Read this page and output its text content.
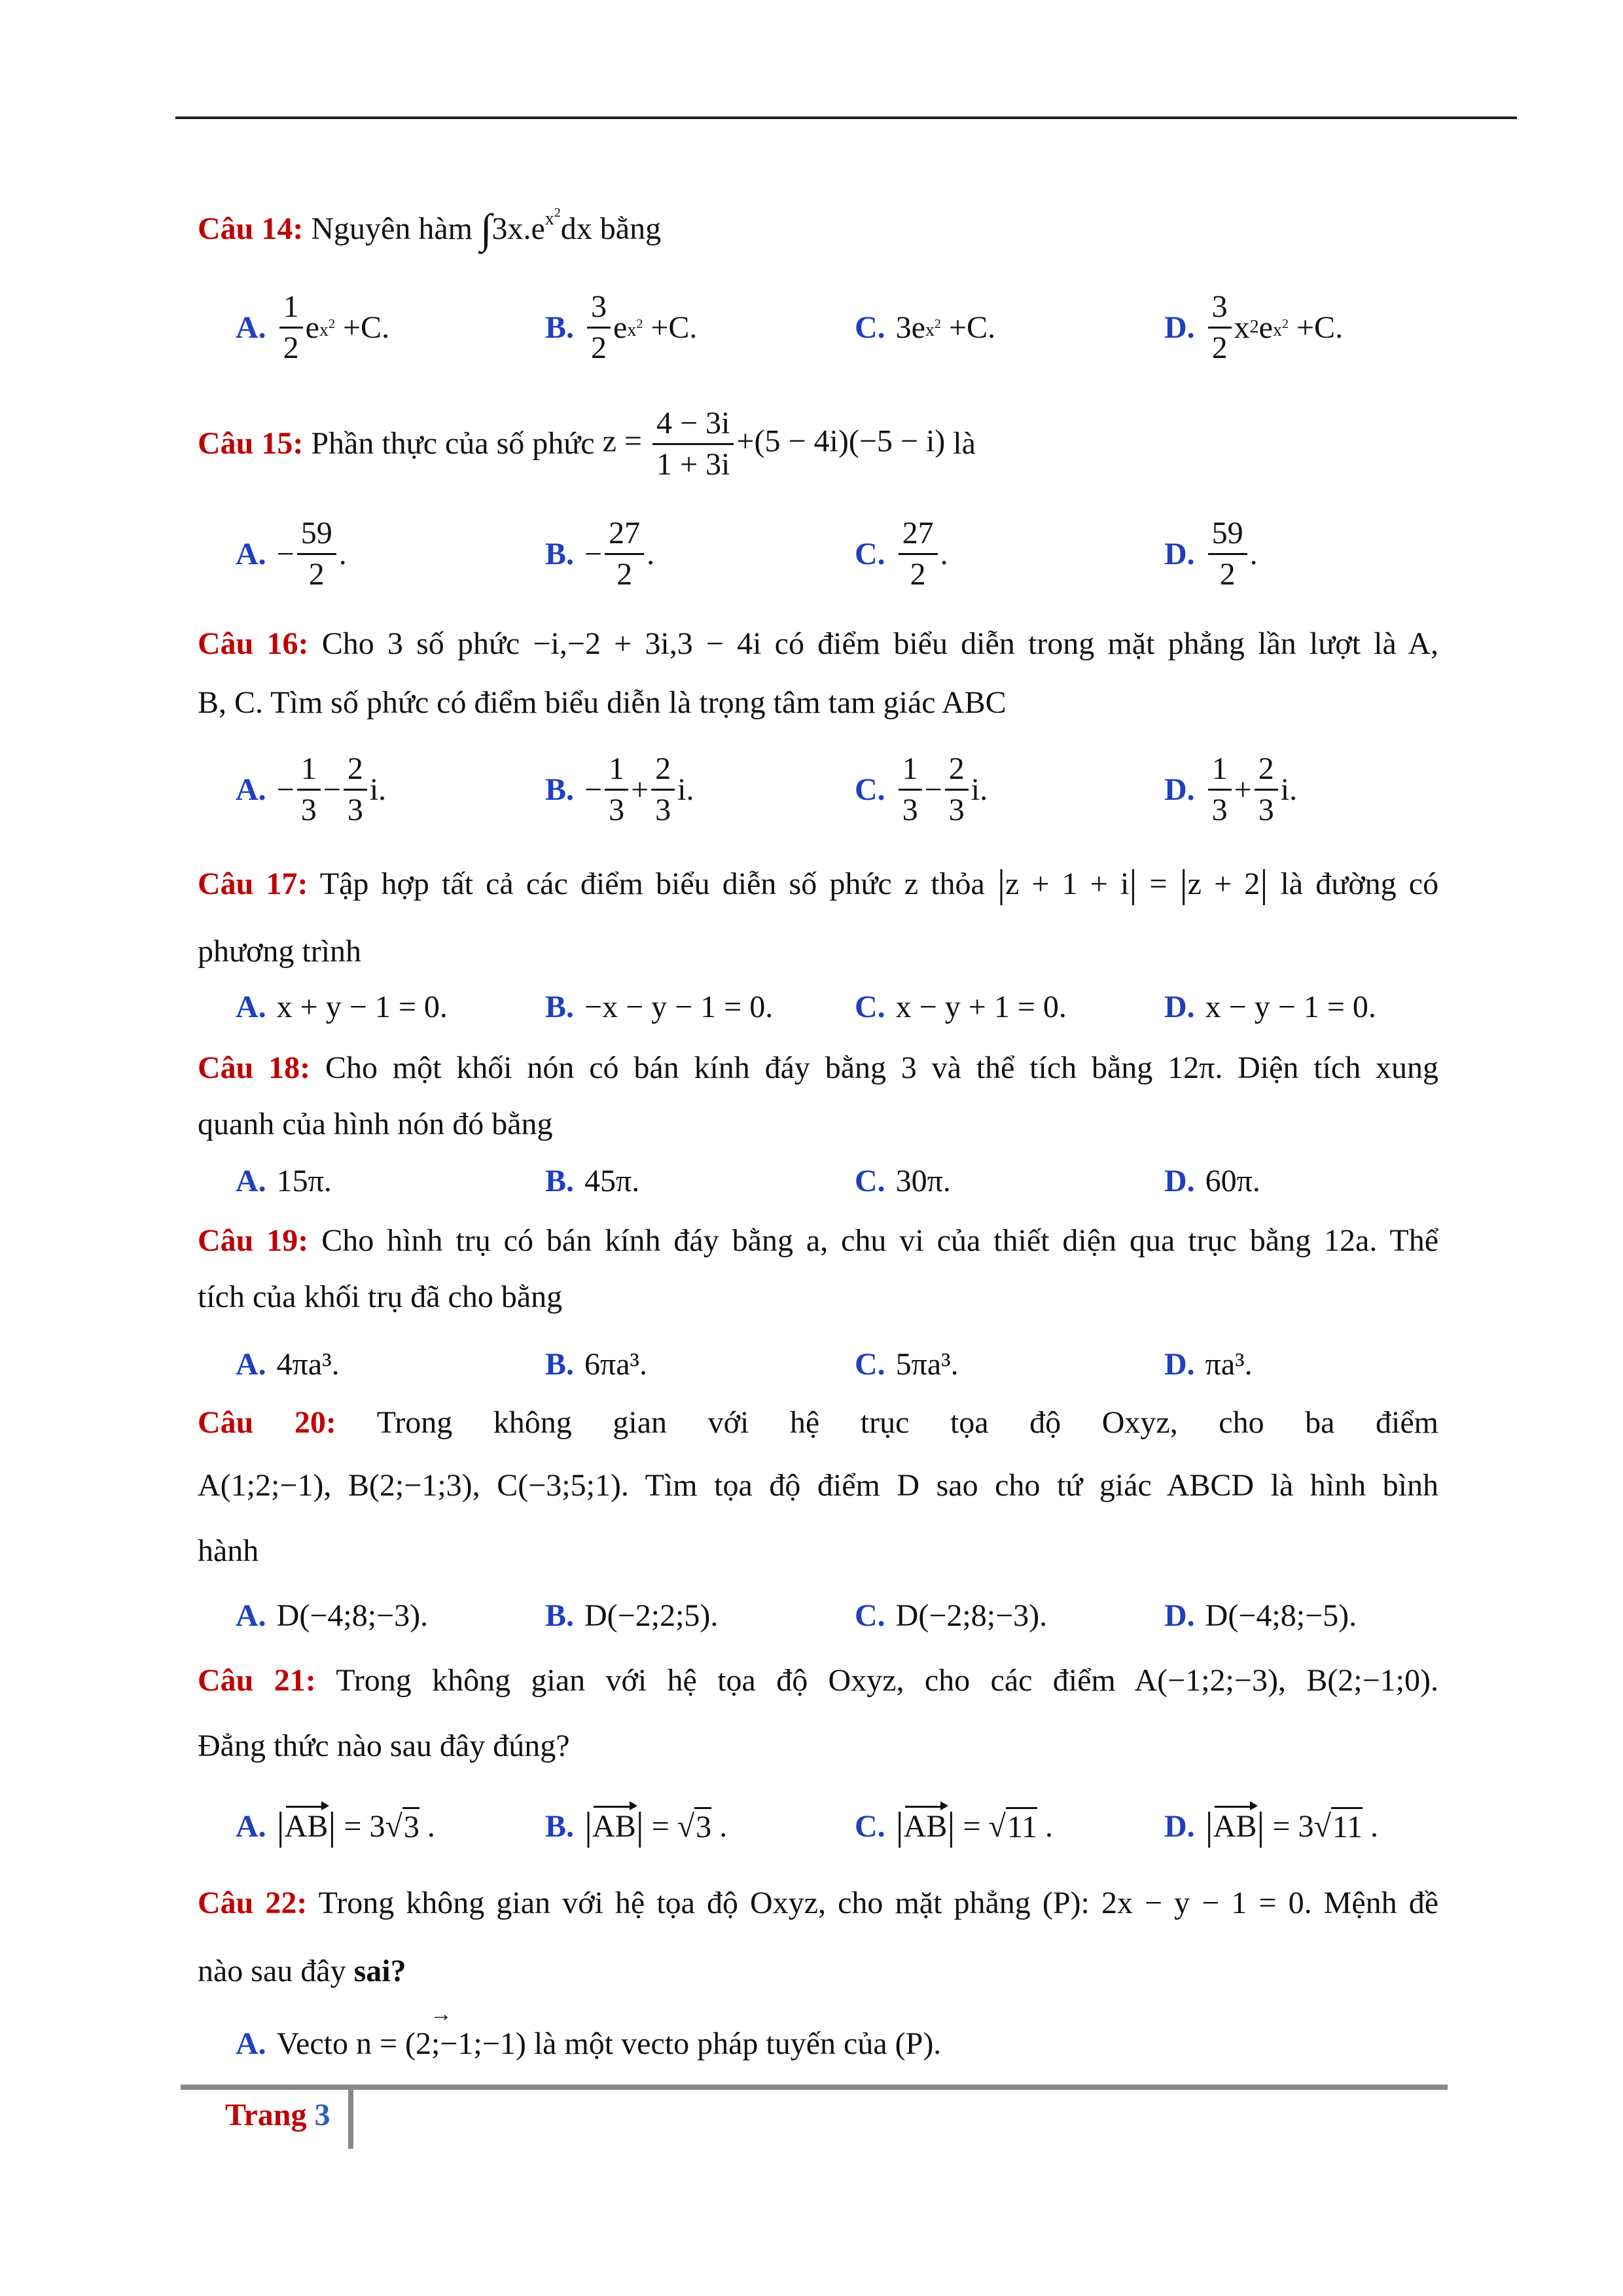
Câu 14: Nguyên hàm $\int 3x.e^{x^2}dx$ bằng
A. $\frac{1}{2}$ e $x^2 +C$.	B. $\frac{3}{2}$ e $x^2 +C$.	C. 3e $x^2 +C$.	D. $\frac{3}{2}$ x 2 e $x^2 +C$.
Câu 15:
Phần thực của số phức
$z = \frac{4 - 3i}{1 + 3i} +(5 - 4i)(-5 - i)$
là
A. − $\frac{59}{2}$ .	B. − $\frac{27}{2}$ .	C. $\frac{27}{2}$ .	D. $\frac{59}{2}$ .
Câu 16: Cho 3 số phức −i,−2 + 3i,3 − 4i có điểm biểu diễn trong mặt phẳng lần lượt là A,
B, C. Tìm số phức có điểm biểu diễn là trọng tâm tam giác ABC
A. − $\frac{1}{3} - \frac{2}{3} i$.	B. − $\frac{1}{3} + \frac{2}{3} i$.	C. $\frac{1}{3} - \frac{2}{3} i$.	D. $\frac{1}{3} + \frac{2}{3} i$.
Câu 17: Tập hợp tất cả các điểm biểu diễn số phức z thỏa |z + 1 + i| = |z + 2| là đường có
phương trình
A. x + y − 1 = 0.	B. −x − y − 1 = 0.	C. x − y + 1 = 0.	D. x − y − 1 = 0.
Câu 18: Cho một khối nón có bán kính đáy bằng 3 và thể tích bằng 12π. Diện tích xung
quanh của hình nón đó bằng
A. 15π.	B. 45π.	C. 30π.	D. 60π.
Câu 19: Cho hình trụ có bán kính đáy bằng a, chu vi của thiết diện qua trục bằng 12a. Thể
tích của khối trụ đã cho bằng
A. 4πa³.	B. 6πa³.	C. 5πa³.	D. πa³.
Câu 20: Trong không gian với hệ trục tọa độ Oxyz, cho ba điểm
A(1;2;−1), B(2;−1;3), C(−3;5;1). Tìm tọa độ điểm D sao cho tứ giác ABCD là hình bình
hành
A. D(−4;8;−3).	B. D(−2;2;5).	C. D(−2;8;−3).	D. D(−4;8;−5).
Câu 21: Trong không gian với hệ tọa độ Oxyz, cho các điểm A(−1;2;−3), B(2;−1;0).
Đẳng thức nào sau đây đúng?
A. | AB | = 3√ 3 .	B. | AB | = √ 3 .	C. | AB | = √ 11 .	D. | AB | = 3√ 11 .
Câu 22: Trong không gian với hệ tọa độ Oxyz, cho mặt phẳng (P): 2x − y − 1 = 0. Mệnh đề
nào sau đây sai?
A. Vecto
n = (2;−1;−1) →
là một vecto pháp tuyến của (P).
Trang 3
